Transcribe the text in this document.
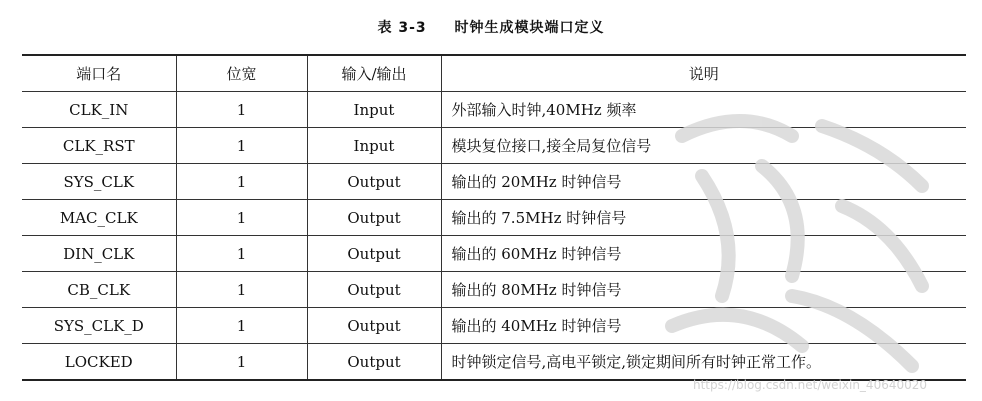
表 3-3 时钟生成模块端口定义
端口名	位宽	输入/输出	说明
CLK_IN	1	Input	外部输入时钟,40MHz 频率
CLK_RST	1	Input	模块复位接口,接全局复位信号
SYS_CLK	1	Output	输出的 20MHz 时钟信号
MAC_CLK	1	Output	输出的 7.5MHz 时钟信号
DIN_CLK	1	Output	输出的 60MHz 时钟信号
CB_CLK	1	Output	输出的 80MHz 时钟信号
SYS_CLK_D	1	Output	输出的 40MHz 时钟信号
LOCKED	1	Output	时钟锁定信号,高电平锁定,锁定期间所有时钟正常工作。
https://blog.csdn.net/weixin_40640020
